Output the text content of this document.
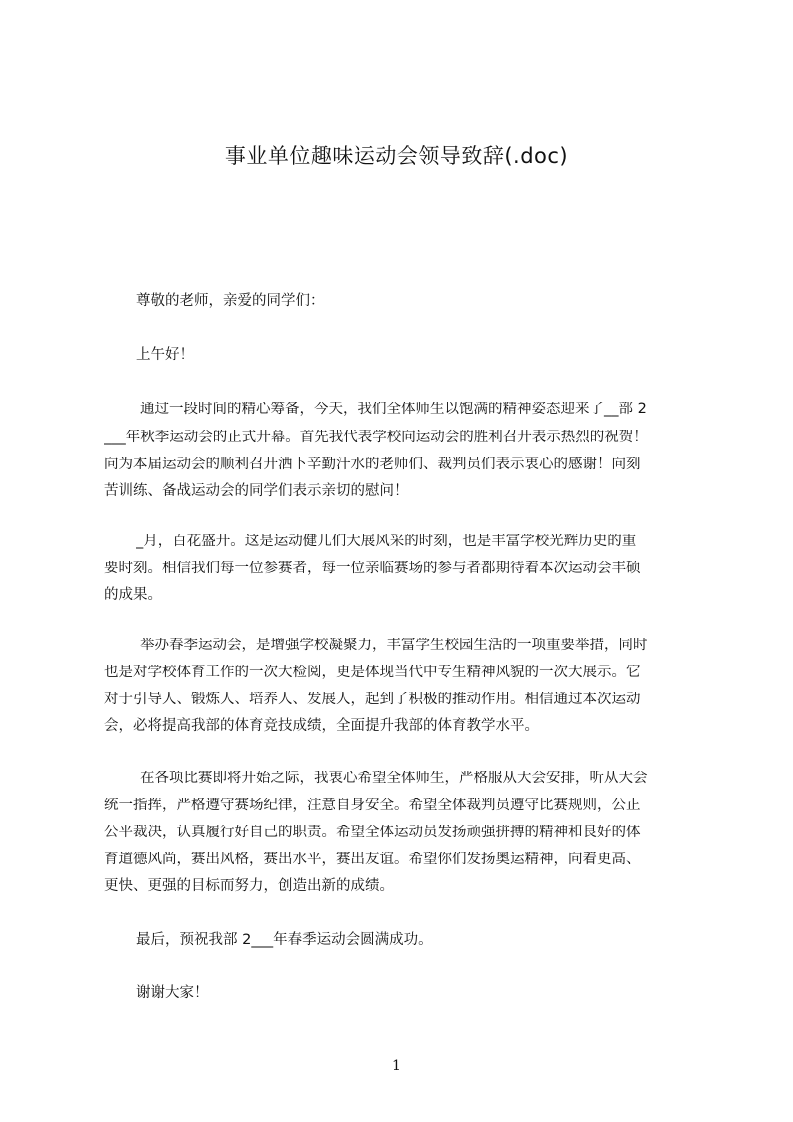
事业单位趣味运动会领导致辞(.doc)
尊敬的老师，亲爱的同学们：
上午好！
通过一段时间的精心筹备，今天，我们全体师生以饱满的精神姿态迎来了__部 2
___年秋季运动会的正式开幕。首先我代表学校向运动会的胜利召开表示热烈的祝贺！
向为本届运动会的顺利召开洒下辛勤汗水的老师们、裁判员们表示衷心的感谢！向刻
苦训练、备战运动会的同学们表示亲切的慰问！
_月，百花盛开。这是运动健儿们大展风采的时刻，也是丰富学校光辉历史的重
要时刻。相信我们每一位参赛者，每一位亲临赛场的参与者都期待着本次运动会丰硕
的成果。
举办春季运动会，是增强学校凝聚力，丰富学生校园生活的一项重要举措，同时
也是对学校体育工作的一次大检阅，更是体现当代中专生精神风貌的一次大展示。它
对于引导人、锻炼人、培养人、发展人，起到了积极的推动作用。相信通过本次运动
会，必将提高我部的体育竞技成绩，全面提升我部的体育教学水平。
在各项比赛即将开始之际，我衷心希望全体师生，严格服从大会安排，听从大会
统一指挥，严格遵守赛场纪律，注意自身安全。希望全体裁判员遵守比赛规则，公正
公平裁决，认真履行好自己的职责。希望全体运动员发扬顽强拼搏的精神和良好的体
育道德风尚，赛出风格，赛出水平，赛出友谊。希望你们发扬奥运精神，向着更高、
更快、更强的目标而努力，创造出新的成绩。
最后，预祝我部 2___年春季运动会圆满成功。
谢谢大家！
1
